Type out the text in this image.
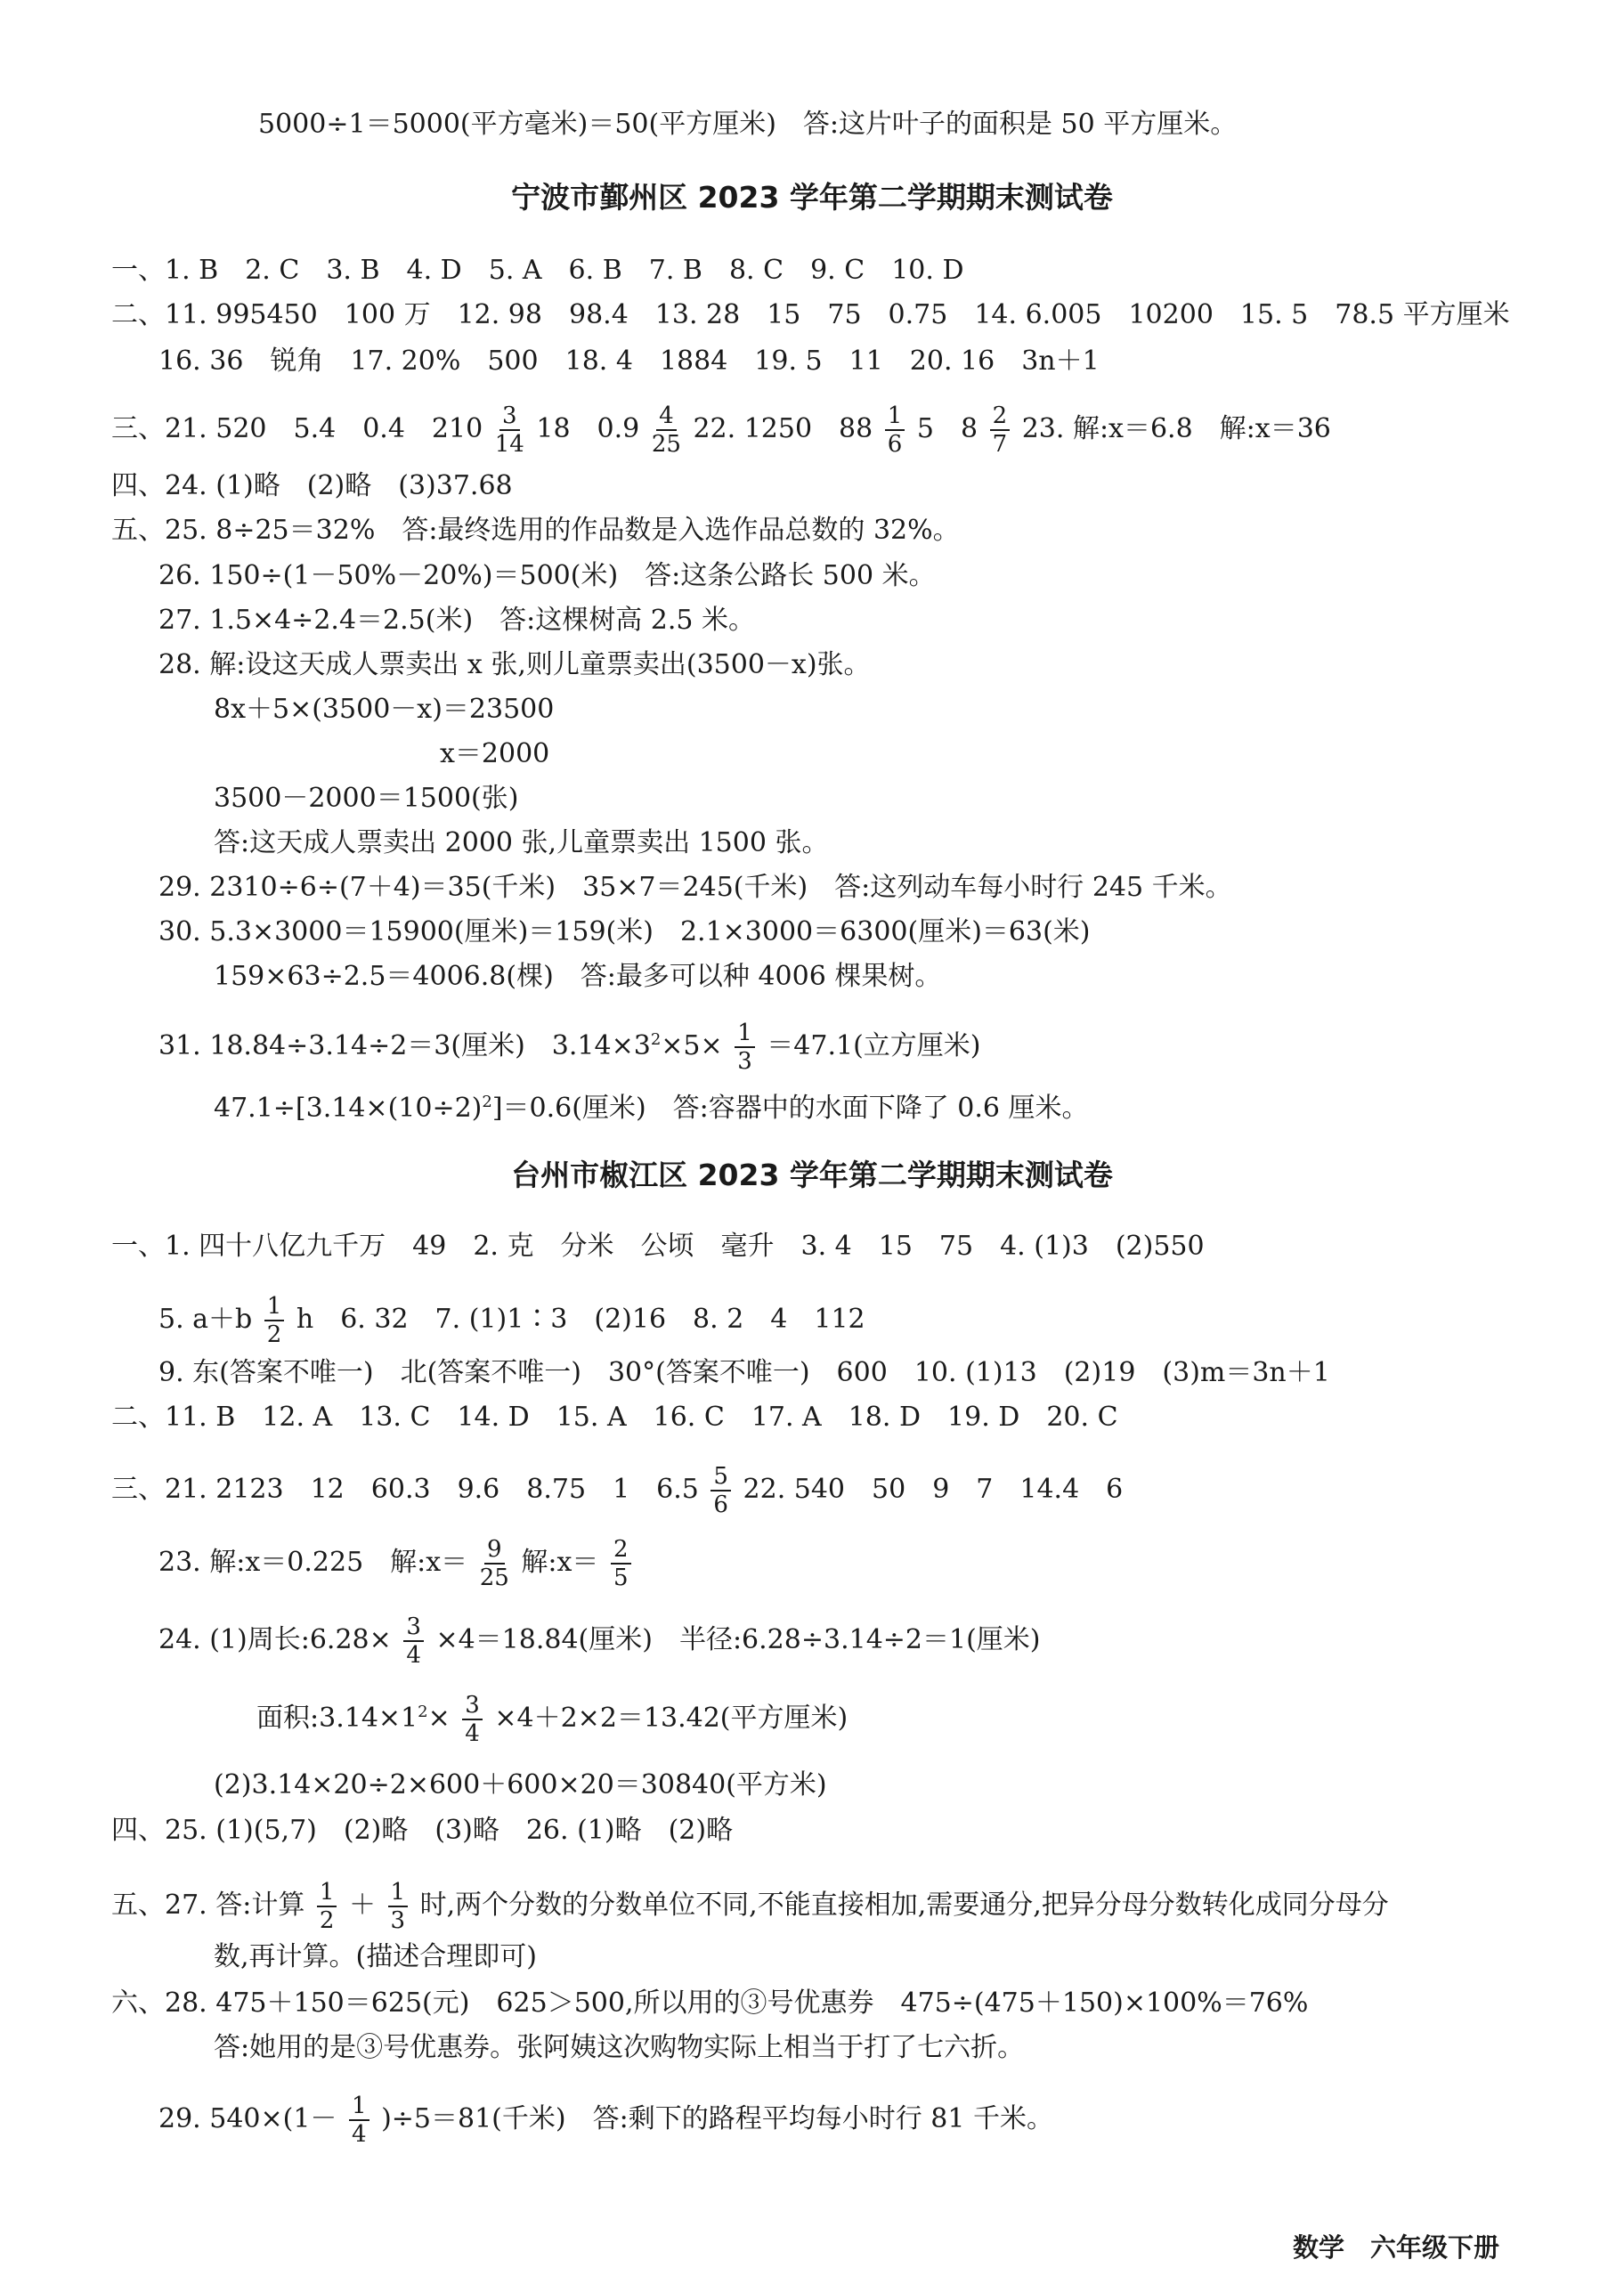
5000÷1＝5000(平方毫米)＝50(平方厘米)　答:这片叶子的面积是 50 平方厘米。
宁波市鄞州区 2023 学年第二学期期末测试卷
一、1. B　2. C　3. B　4. D　5. A　6. B　7. B　8. C　9. C　10. D
二、11. 995450　100 万　12. 98　98.4　13. 28　15　75　0.75　14. 6.005　10200　15. 5　78.5 平方厘米
16. 36　锐角　17. 20%　500　18. 4　1884　19. 5　11　20. 16　3n＋1
三、21. 520　5.4　0.4　$210 \frac{3}{14} 18$　$0.9 \frac{4}{25} 22$. 1250　$88 \frac{1}{6} 5$　$8 \frac{2}{7} 23$. 解:x＝6.8　解:x＝36
四、24. (1)略　(2)略　(3)37.68
五、25. 8÷25＝32%　答:最终选用的作品数是入选作品总数的 32%。
26. 150÷(1－50%－20%)＝500(米)　答:这条公路长 500 米。
27. 1.5×4÷2.4＝2.5(米)　答:这棵树高 2.5 米。
28. 解:设这天成人票卖出 x 张,则儿童票卖出(3500－x)张。
8x＋5×(3500－x)＝23500
x＝2000
3500－2000＝1500(张)
答:这天成人票卖出 2000 张,儿童票卖出 1500 张。
29. 2310÷6÷(7＋4)＝35(千米)　35×7＝245(千米)　答:这列动车每小时行 245 千米。
30. 5.3×3000＝15900(厘米)＝159(米)　2.1×3000＝6300(厘米)＝63(米)
159×63÷2.5＝4006.8(棵)　答:最多可以种 4006 棵果树。
31. 18.84÷3.14÷2＝3(厘米)　$3.14\times 3^2\times 5\times \frac{1}{3} =47.1$(立方厘米)
$47.1\div[3.14\times(10\div 2)^2]=0.6$(厘米)　答:容器中的水面下降了 0.6 厘米。
台州市椒江区 2023 学年第二学期期末测试卷
一、1. 四十八亿九千万　49　2. 克　分米　公顷　毫升　3. 4　15　75　4. (1)3　(2)550
5. $a+b \frac{1}{2}$ h　6. 32　7. (1)1∶3　(2)16　8. 2　4　112
9. 东(答案不唯一)　北(答案不唯一)　30°(答案不唯一)　600　10. (1)13　(2)19　(3)m＝3n＋1
二、11. B　12. A　13. C　14. D　15. A　16. C　17. A　18. D　19. D　20. C
三、21. 2123　12　60.3　9.6　8.75　1　$6.5 \frac{5}{6} 22$. 540　50　9　7　14.4　6
23. 解:x＝0.225　解:x＝ $\frac{9}{25}$ 解:x＝ $\frac{2}{5}$
24. (1)周长:6.28× $\frac{3}{4} \times 4=18.84$(厘米)　半径:6.28÷3.14÷2＝1(厘米)
面积$:3.14\times 1^2\times \frac{3}{4} \times 4+2\times 2=13.42$(平方厘米)
(2)3.14×20÷2×600＋600×20＝30840(平方米)
四、25. (1)(5,7)　(2)略　(3)略　26. (1)略　(2)略
五、27. 答:计算 $\frac{1}{2} + \frac{1}{3}$ 时,两个分数的分数单位不同,不能直接相加,需要通分,把异分母分数转化成同分母分
数,再计算。(描述合理即可)
六、28. 475＋150＝625(元)　625＞500,所以用的③号优惠券　475÷(475＋150)×100%＝76%
答:她用的是③号优惠券。张阿姨这次购物实际上相当于打了七六折。
29. $540\times(1- \frac{1}{4} )\div 5=81$(千米)　答:剩下的路程平均每小时行 81 千米。
数学　六年级下册
